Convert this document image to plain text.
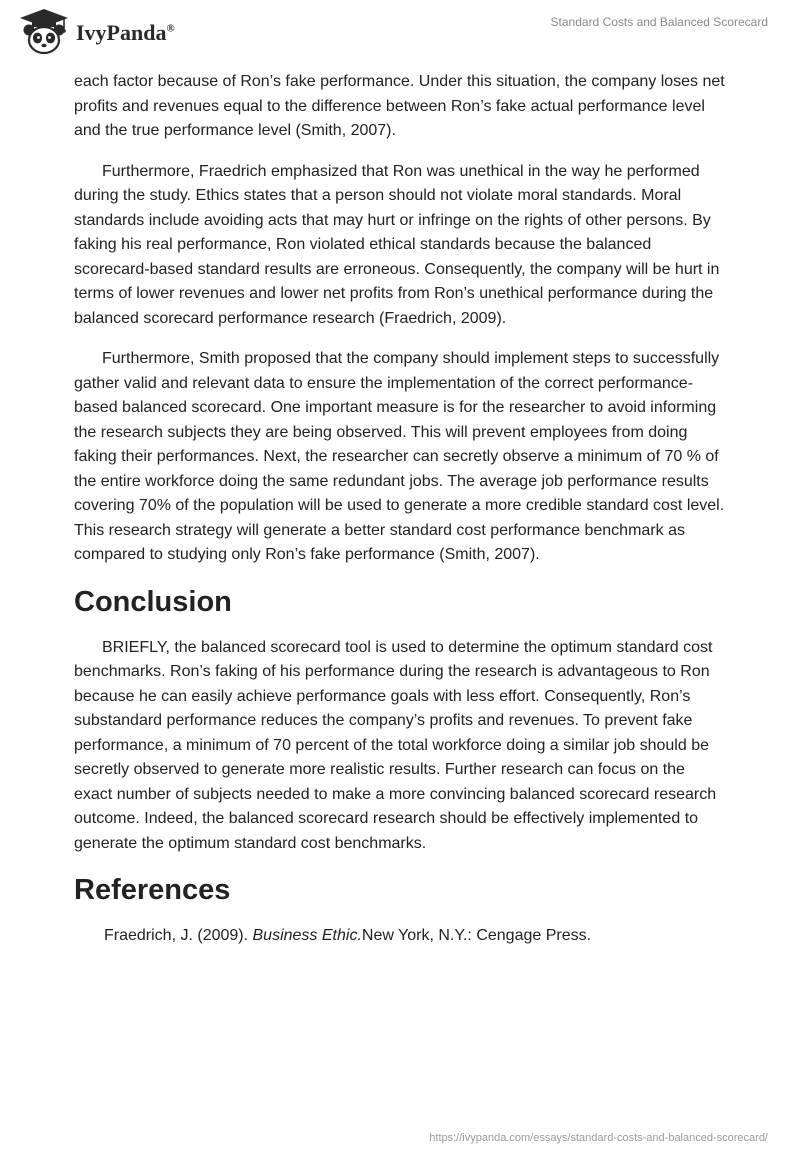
IvyPanda®	Standard Costs and Balanced Scorecard

each factor because of Ron’s fake performance. Under this situation, the company loses net profits and revenues equal to the difference between Ron’s fake actual performance level and the true performance level (Smith, 2007).

Furthermore, Fraedrich emphasized that Ron was unethical in the way he performed during the study. Ethics states that a person should not violate moral standards. Moral standards include avoiding acts that may hurt or infringe on the rights of other persons. By faking his real performance, Ron violated ethical standards because the balanced scorecard-based standard results are erroneous. Consequently, the company will be hurt in terms of lower revenues and lower net profits from Ron’s unethical performance during the balanced scorecard performance research (Fraedrich, 2009).

Furthermore, Smith proposed that the company should implement steps to successfully gather valid and relevant data to ensure the implementation of the correct performance-based balanced scorecard. One important measure is for the researcher to avoid informing the research subjects they are being observed. This will prevent employees from doing faking their performances. Next, the researcher can secretly observe a minimum of 70 % of the entire workforce doing the same redundant jobs. The average job performance results covering 70% of the population will be used to generate a more credible standard cost level. This research strategy will generate a better standard cost performance benchmark as compared to studying only Ron’s fake performance (Smith, 2007).

Conclusion

BRIEFLY, the balanced scorecard tool is used to determine the optimum standard cost benchmarks. Ron’s faking of his performance during the research is advantageous to Ron because he can easily achieve performance goals with less effort. Consequently, Ron’s substandard performance reduces the company’s profits and revenues. To prevent fake performance, a minimum of 70 percent of the total workforce doing a similar job should be secretly observed to generate more realistic results. Further research can focus on the exact number of subjects needed to make a more convincing balanced scorecard research outcome. Indeed, the balanced scorecard research should be effectively implemented to generate the optimum standard cost benchmarks.

References

Fraedrich, J. (2009). Business Ethic.New York, N.Y.: Cengage Press.

https://ivypanda.com/essays/standard-costs-and-balanced-scorecard/
